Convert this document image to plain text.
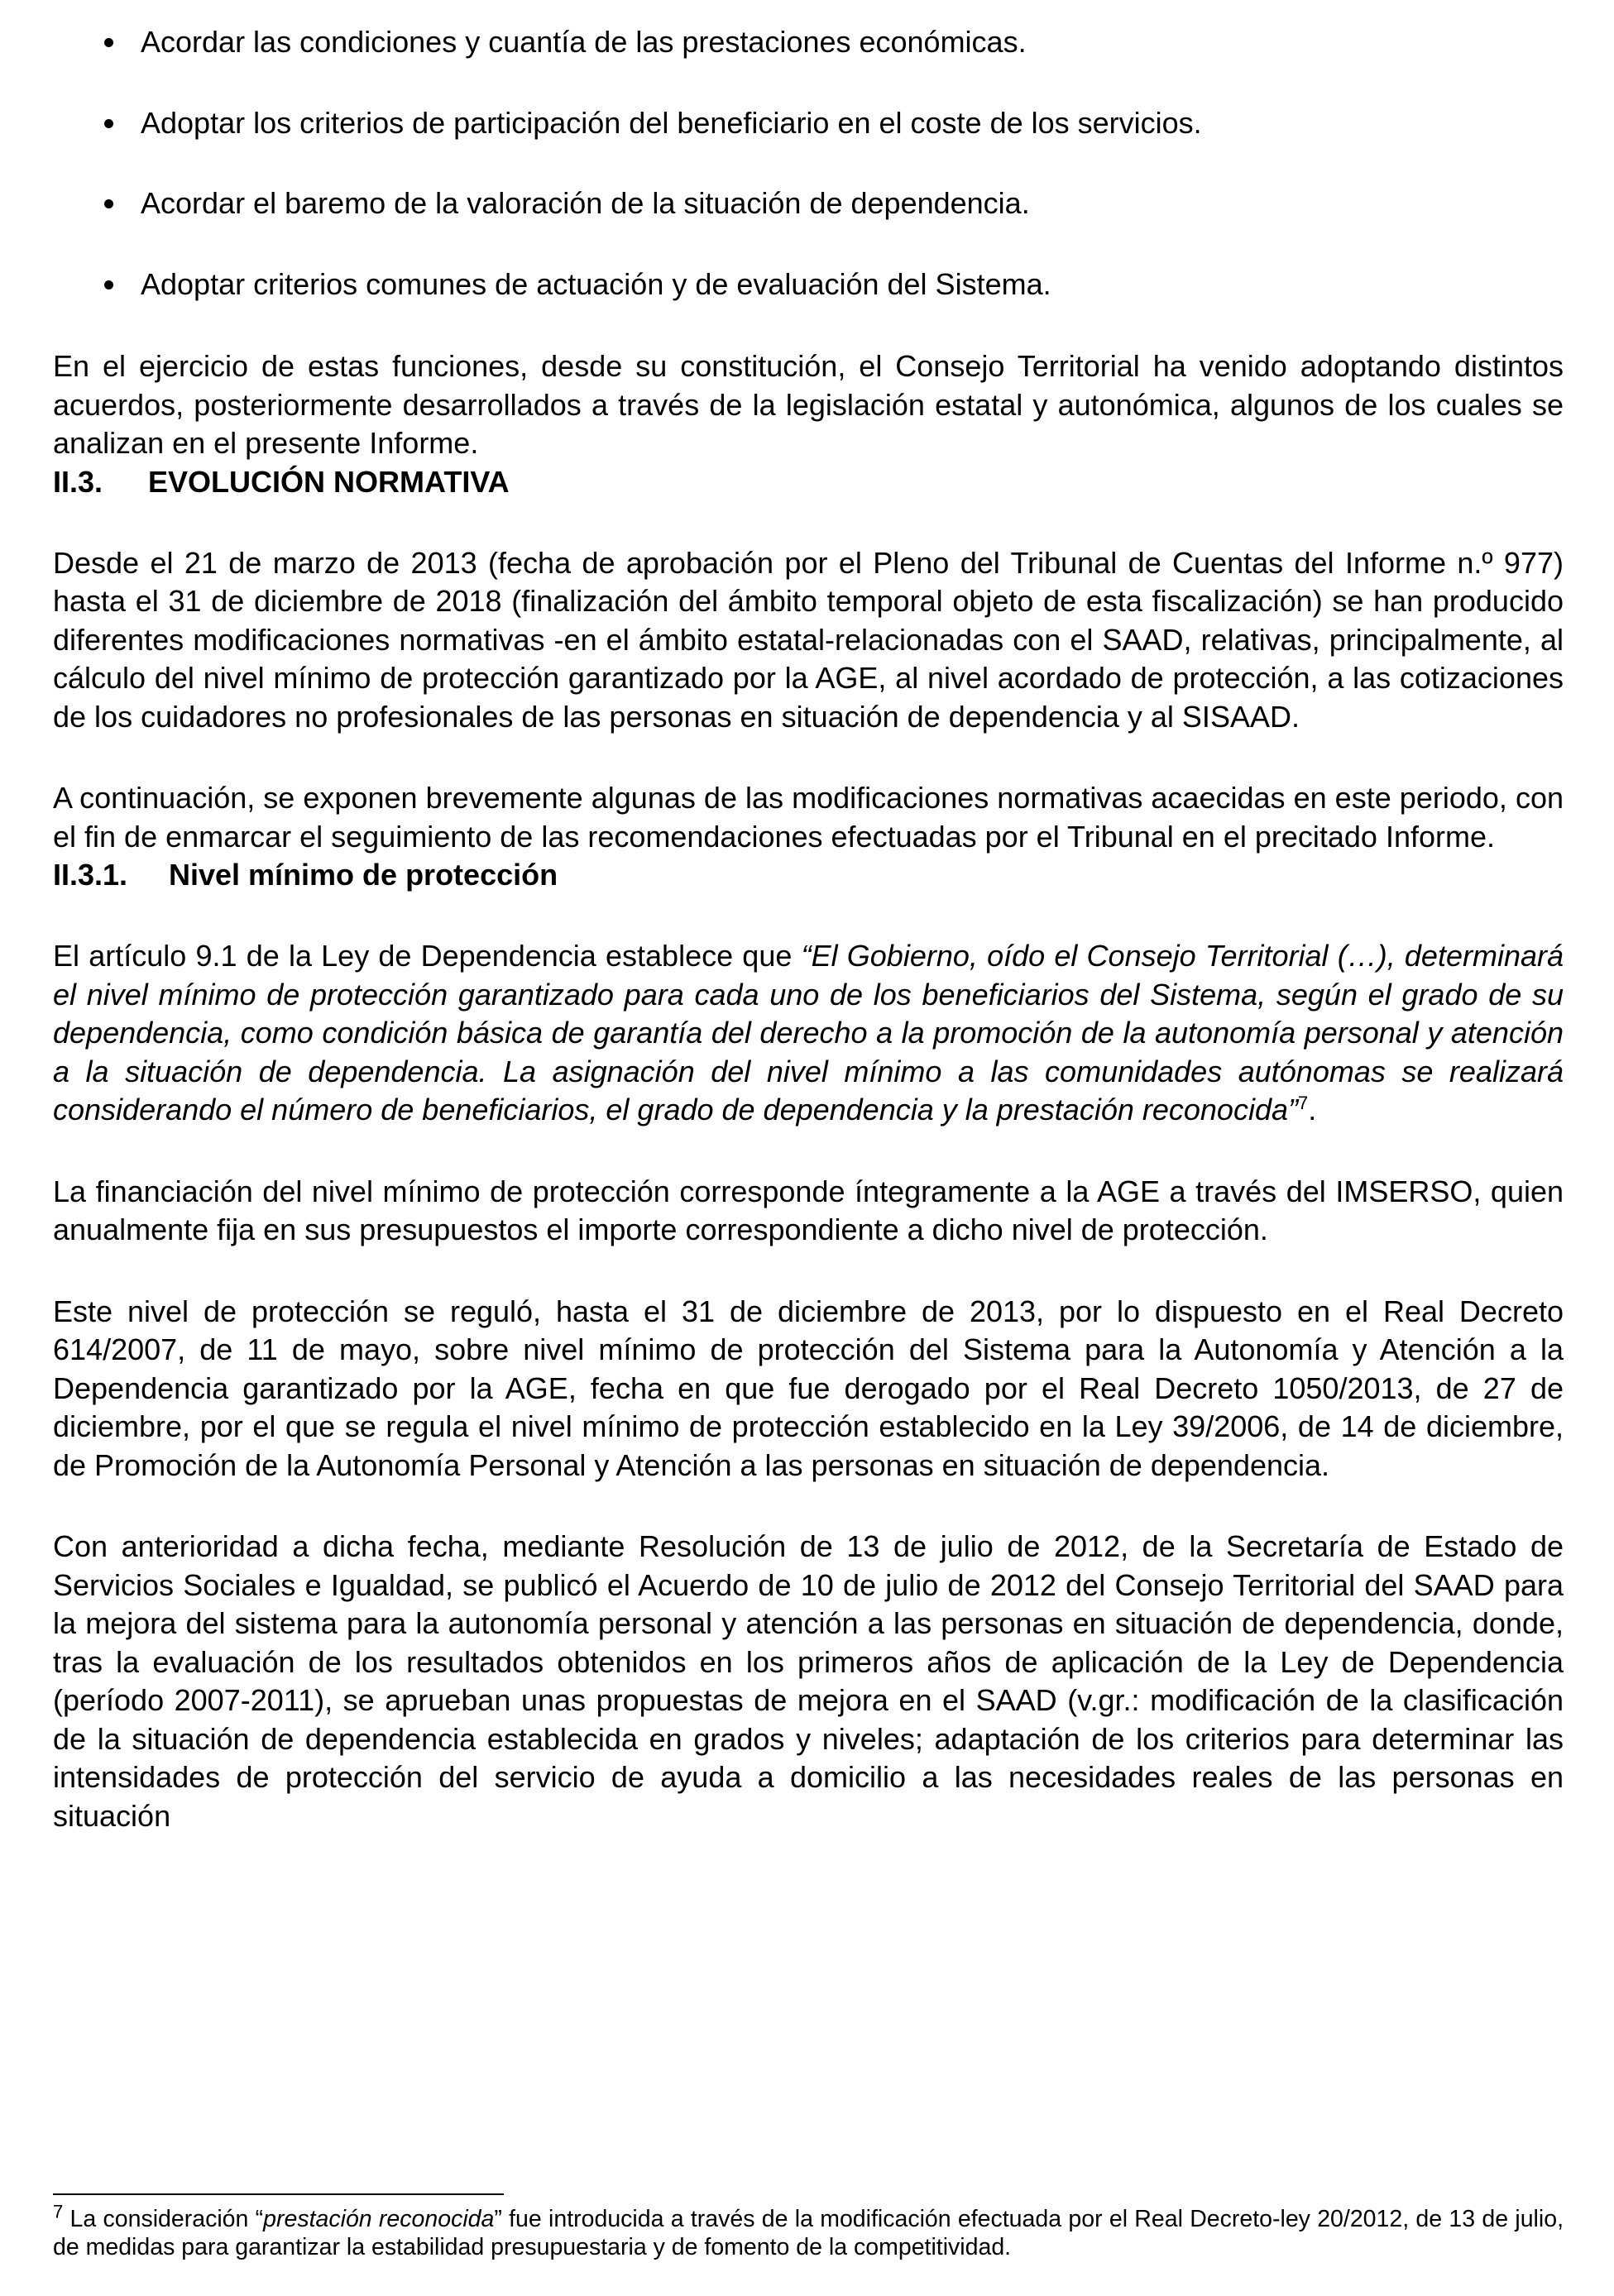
Acordar las condiciones y cuantía de las prestaciones económicas.
Adoptar los criterios de participación del beneficiario en el coste de los servicios.
Acordar el baremo de la valoración de la situación de dependencia.
Adoptar criterios comunes de actuación y de evaluación del Sistema.

En el ejercicio de estas funciones, desde su constitución, el Consejo Territorial ha venido adoptando distintos acuerdos, posteriormente desarrollados a través de la legislación estatal y autonómica, algunos de los cuales se analizan en el presente Informe.

II.3. EVOLUCIÓN NORMATIVA

Desde el 21 de marzo de 2013 (fecha de aprobación por el Pleno del Tribunal de Cuentas del Informe n.º 977) hasta el 31 de diciembre de 2018 (finalización del ámbito temporal objeto de esta fiscalización) se han producido diferentes modificaciones normativas -en el ámbito estatal-relacionadas con el SAAD, relativas, principalmente, al cálculo del nivel mínimo de protección garantizado por la AGE, al nivel acordado de protección, a las cotizaciones de los cuidadores no profesionales de las personas en situación de dependencia y al SISAAD.

A continuación, se exponen brevemente algunas de las modificaciones normativas acaecidas en este periodo, con el fin de enmarcar el seguimiento de las recomendaciones efectuadas por el Tribunal en el precitado Informe.

II.3.1. Nivel mínimo de protección

El artículo 9.1 de la Ley de Dependencia establece que “El Gobierno, oído el Consejo Territorial (…), determinará el nivel mínimo de protección garantizado para cada uno de los beneficiarios del Sistema, según el grado de su dependencia, como condición básica de garantía del derecho a la promoción de la autonomía personal y atención a la situación de dependencia. La asignación del nivel mínimo a las comunidades autónomas se realizará considerando el número de beneficiarios, el grado de dependencia y la prestación reconocida”$^7$.

La financiación del nivel mínimo de protección corresponde íntegramente a la AGE a través del IMSERSO, quien anualmente fija en sus presupuestos el importe correspondiente a dicho nivel de protección.

Este nivel de protección se reguló, hasta el 31 de diciembre de 2013, por lo dispuesto en el Real Decreto 614/2007, de 11 de mayo, sobre nivel mínimo de protección del Sistema para la Autonomía y Atención a la Dependencia garantizado por la AGE, fecha en que fue derogado por el Real Decreto 1050/2013, de 27 de diciembre, por el que se regula el nivel mínimo de protección establecido en la Ley 39/2006, de 14 de diciembre, de Promoción de la Autonomía Personal y Atención a las personas en situación de dependencia.

Con anterioridad a dicha fecha, mediante Resolución de 13 de julio de 2012, de la Secretaría de Estado de Servicios Sociales e Igualdad, se publicó el Acuerdo de 10 de julio de 2012 del Consejo Territorial del SAAD para la mejora del sistema para la autonomía personal y atención a las personas en situación de dependencia, donde, tras la evaluación de los resultados obtenidos en los primeros años de aplicación de la Ley de Dependencia (período 2007-2011), se aprueban unas propuestas de mejora en el SAAD (v.gr.: modificación de la clasificación de la situación de dependencia establecida en grados y niveles; adaptación de los criterios para determinar las intensidades de protección del servicio de ayuda a domicilio a las necesidades reales de las personas en situación

$^7$ La consideración “prestación reconocida” fue introducida a través de la modificación efectuada por el Real Decreto-ley 20/2012, de 13 de julio, de medidas para garantizar la estabilidad presupuestaria y de fomento de la competitividad.
